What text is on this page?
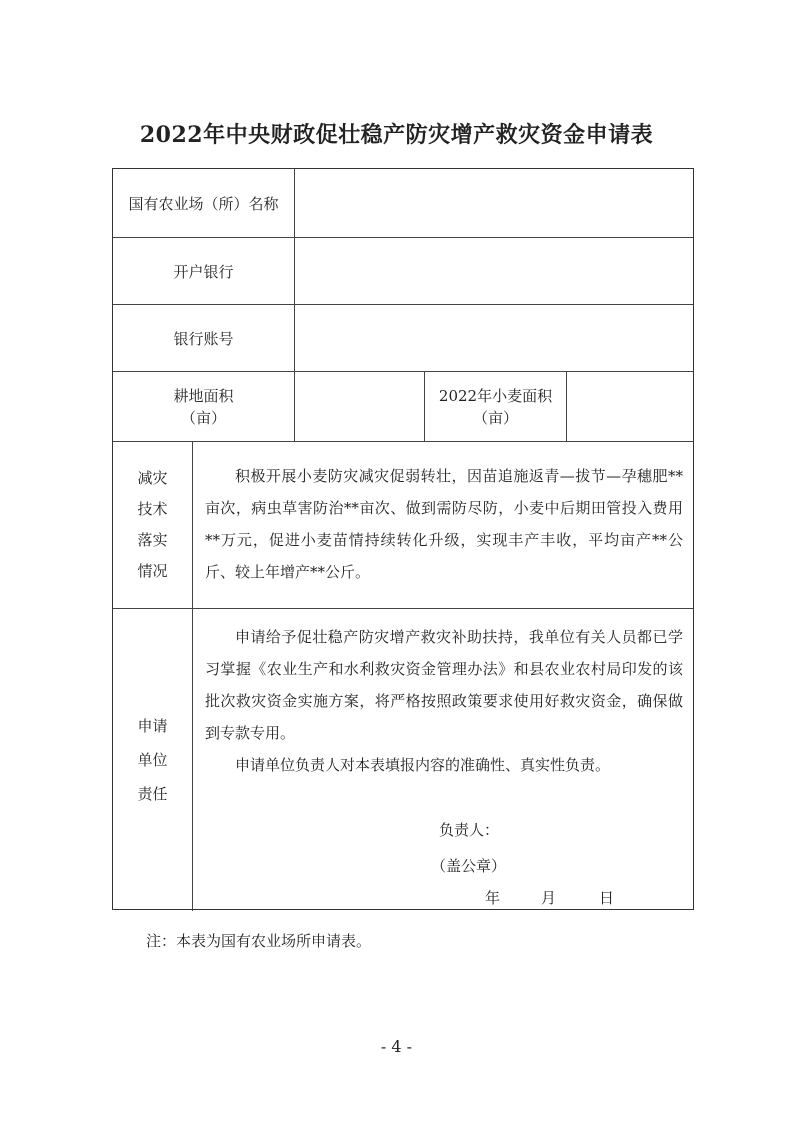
2022年中央财政促壮稳产防灾增产救灾资金申请表
国有农业场（所）名称
开户银行
银行账号
耕地面积
（亩）
2022年小麦面积
（亩）
减灾
技术
落实
情况
积极开展小麦防灾减灾促弱转壮，因苗追施返青—拔节—孕穗肥**亩次，病虫草害防治**亩次、做到需防尽防，小麦中后期田管投入费用**万元，促进小麦苗情持续转化升级，实现丰产丰收，平均亩产**公斤、较上年增产**公斤。
申请
单位
责任
申请给予促壮稳产防灾增产救灾补助扶持，我单位有关人员都已学习掌握《农业生产和水利救灾资金管理办法》和县农业农村局印发的该批次救灾资金实施方案，将严格按照政策要求使用好救灾资金，确保做到专款专用。
申请单位负责人对本表填报内容的准确性、真实性负责。
负责人：
（盖公章）
年	月	日
注：本表为国有农业场所申请表。
- 4 -
